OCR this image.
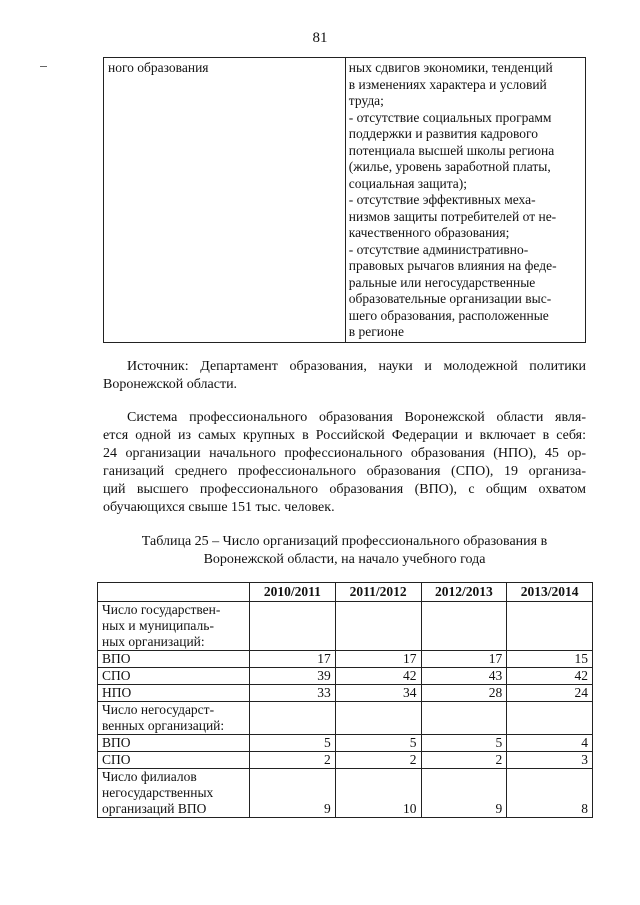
81
ного образования	ных сдвигов экономики, тенденций
в изменениях характера и условий
труда;
- отсутствие социальных программ
поддержки и развития кадрового
потенциала высшей школы региона
(жилье, уровень заработной платы,
социальная защита);
- отсутствие эффективных меха-
низмов защиты потребителей от не-
качественного образования;
- отсутствие административно-
правовых рычагов влияния на феде-
ральные или негосударственные
образовательные организации выс-
шего образования, расположенные
в регионе
Источник: Департамент образования, науки и молодежной политики
Воронежской области.
Система профессионального образования Воронежской области явля-
ется одной из самых крупных в Российской Федерации и включает в себя:
24 организации начального профессионального образования (НПО), 45 ор-
ганизаций среднего профессионального образования (СПО), 19 организа-
ций высшего профессионального образования (ВПО), с общим охватом
обучающихся свыше 151 тыс. человек.
Таблица 25 – Число организаций профессионального образования в
Воронежской области, на начало учебного года
	2010/2011	2011/2012	2012/2013	2013/2014

Число государствен-
ных и муниципаль-
ных организаций:				

ВПО	17	17	17	15

СПО	39	42	43	42

НПО	33	34	28	24

Число негосударст-
венных организаций:				

ВПО	5	5	5	4

СПО	2	2	2	3

Число филиалов
негосударственных
организаций ВПО	9	10	9	8
